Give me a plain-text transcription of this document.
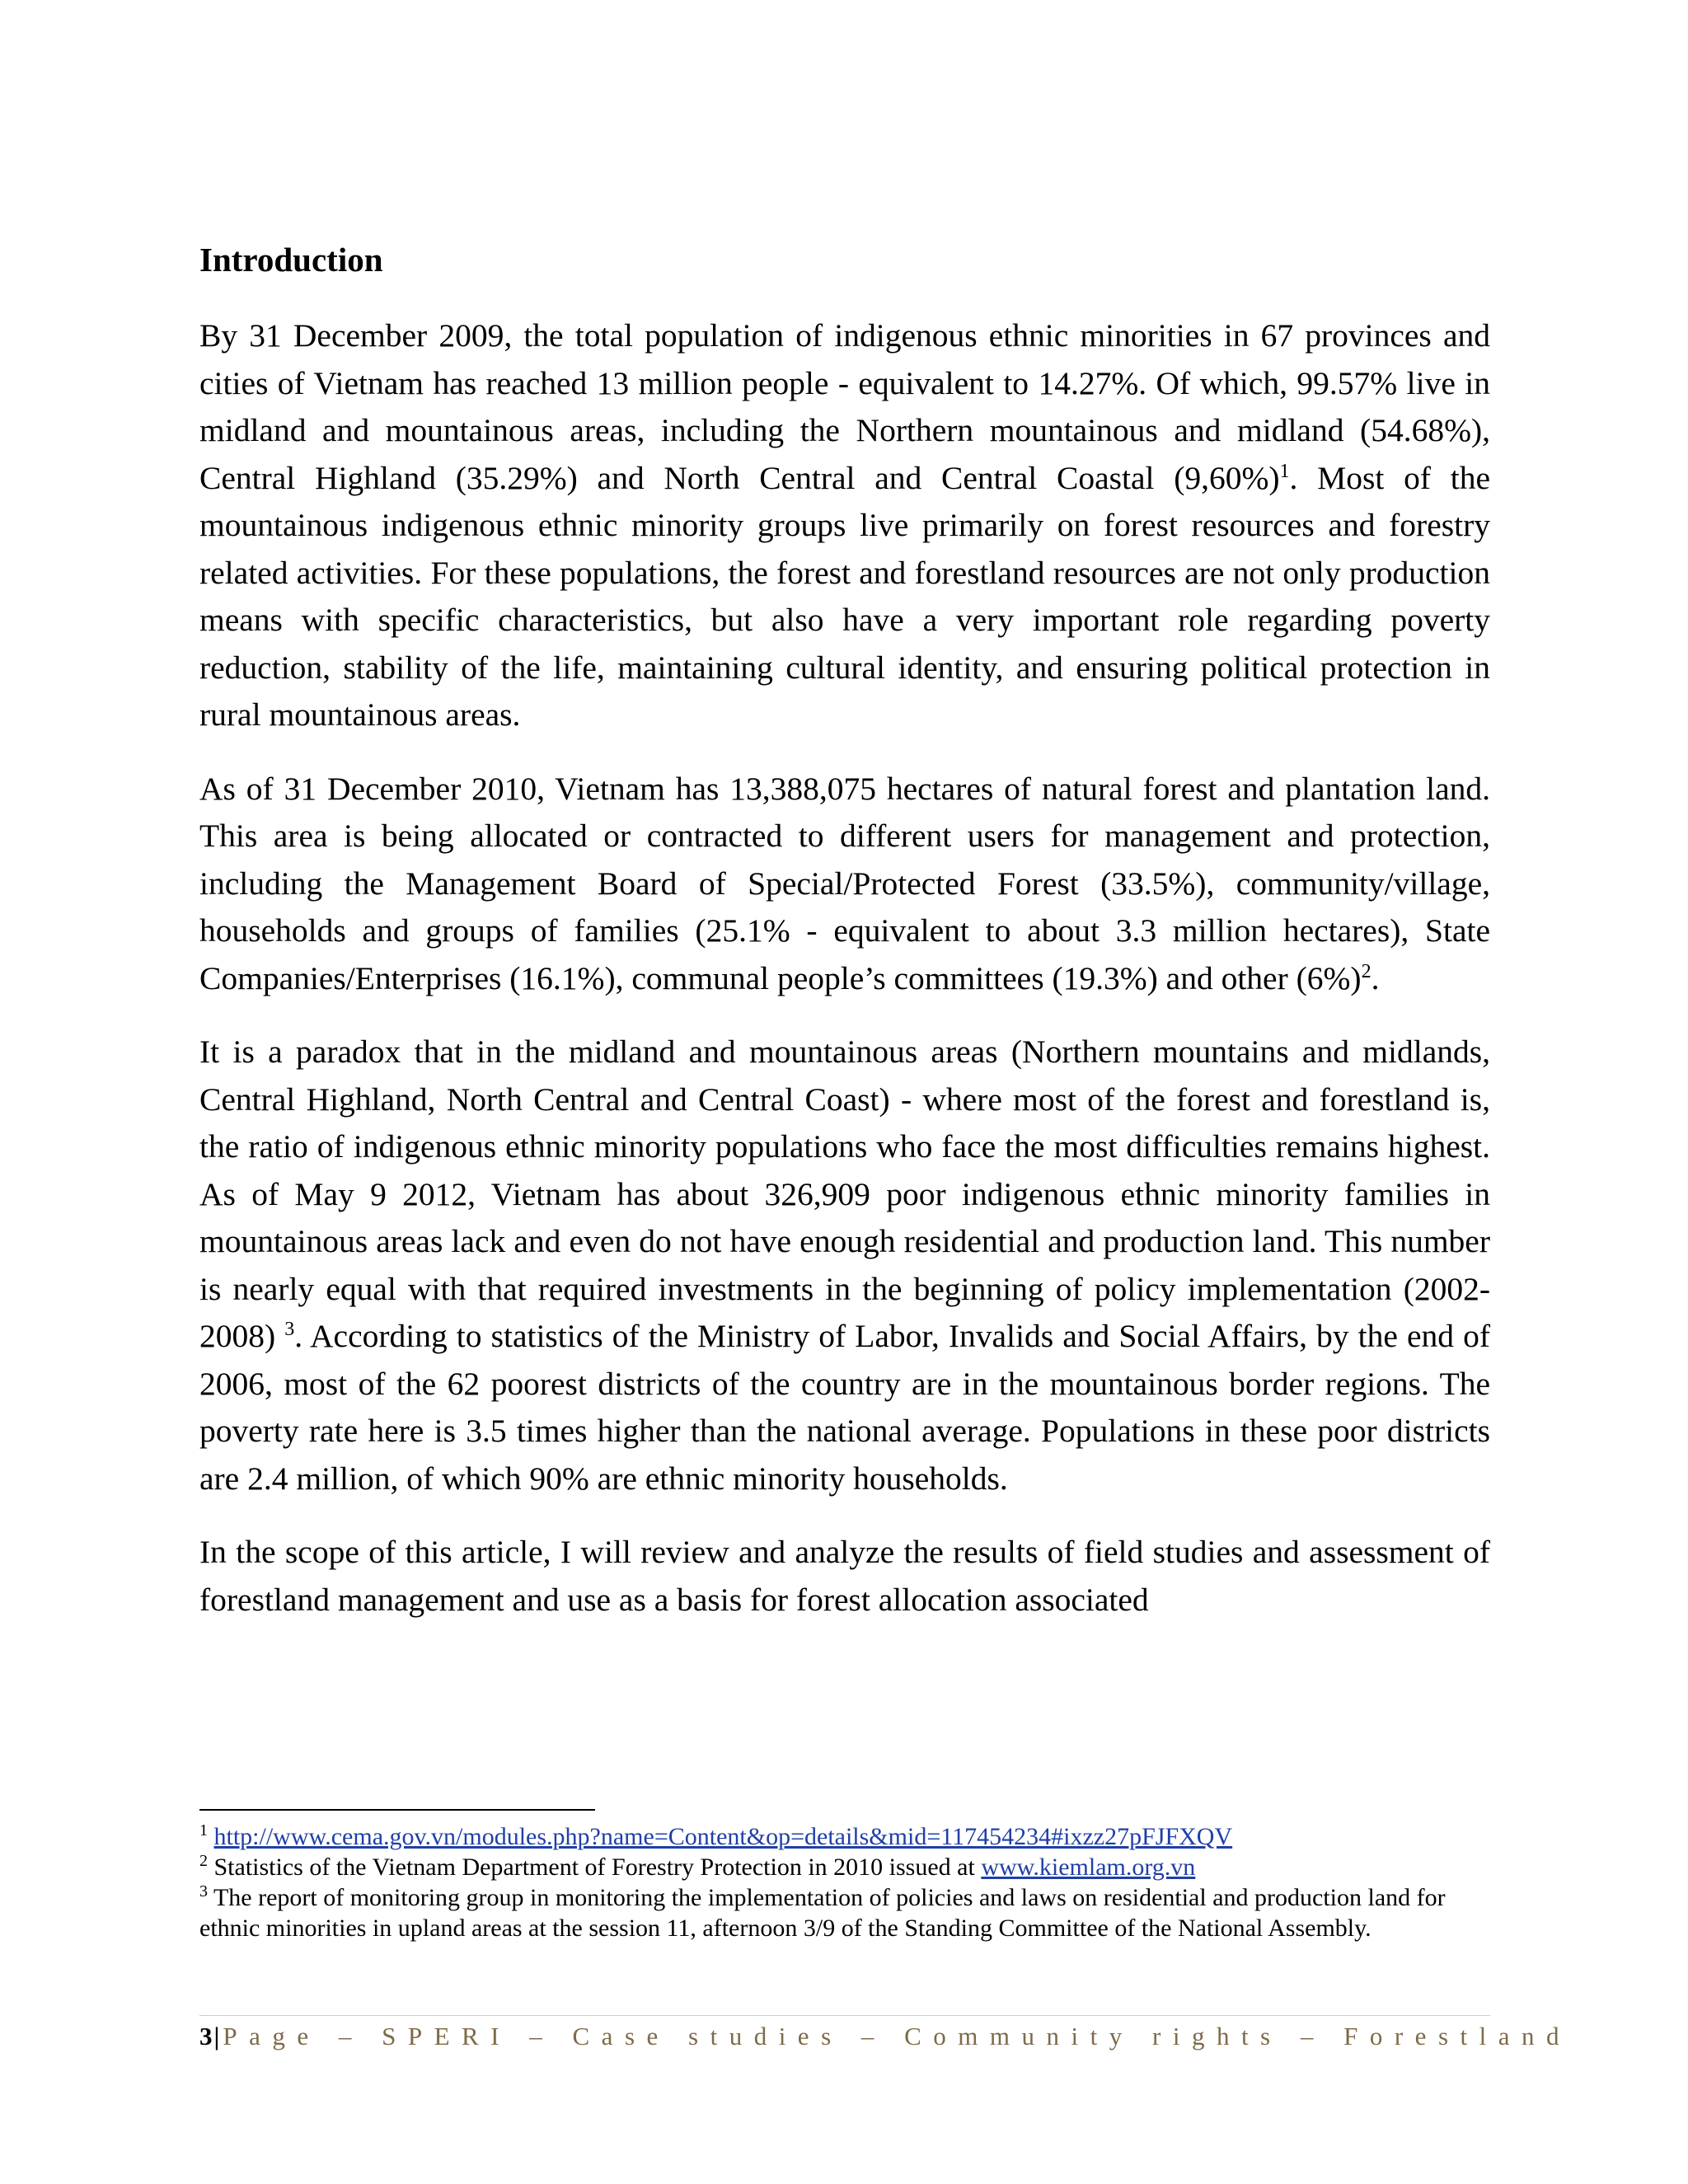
Introduction

By 31 December 2009, the total population of indigenous ethnic minorities in 67 provinces and cities of Vietnam has reached 13 million people - equivalent to 14.27%. Of which, 99.57% live in midland and mountainous areas, including the Northern mountainous and midland (54.68%), Central Highland (35.29%) and North Central and Central Coastal $(9,60\%)^1$. Most of the mountainous indigenous ethnic minority groups live primarily on forest resources and forestry related activities. For these populations, the forest and forestland resources are not only production means with specific characteristics, but also have a very important role regarding poverty reduction, stability of the life, maintaining cultural identity, and ensuring political protection in rural mountainous areas.

As of 31 December 2010, Vietnam has 13,388,075 hectares of natural forest and plantation land. This area is being allocated or contracted to different users for management and protection, including the Management Board of Special/Protected Forest (33.5%), community/village, households and groups of families (25.1% - equivalent to about 3.3 million hectares), State Companies/Enterprises (16.1%), communal people’s committees (19.3%) and other $(6\%)^2$.

It is a paradox that in the midland and mountainous areas (Northern mountains and midlands, Central Highland, North Central and Central Coast) - where most of the forest and forestland is, the ratio of indigenous ethnic minority populations who face the most difficulties remains highest. As of May 9 2012, Vietnam has about 326,909 poor indigenous ethnic minority families in mountainous areas lack and even do not have enough residential and production land. This number is nearly equal with that required investments in the beginning of policy implementation (2002-2008) $^3$. According to statistics of the Ministry of Labor, Invalids and Social Affairs, by the end of 2006, most of the 62 poorest districts of the country are in the mountainous border regions. The poverty rate here is 3.5 times higher than the national average. Populations in these poor districts are 2.4 million, of which 90% are ethnic minority households.

In the scope of this article, I will review and analyze the results of field studies and assessment of forestland management and use as a basis for forest allocation associated

$^1$ http://www.cema.gov.vn/modules.php?name=Content&op=details&mid=117454234#ixzz27pFJFXQV

$^2$ Statistics of the Vietnam Department of Forestry Protection in 2010 issued at www.kiemlam.org.vn

$^3$ The report of monitoring group in monitoring the implementation of policies and laws on residential and production land for ethnic minorities in upland areas at the session 11, afternoon 3/9 of the Standing Committee of the National Assembly.

3| Page – SPERI – Case studies – Community rights – Forestland
